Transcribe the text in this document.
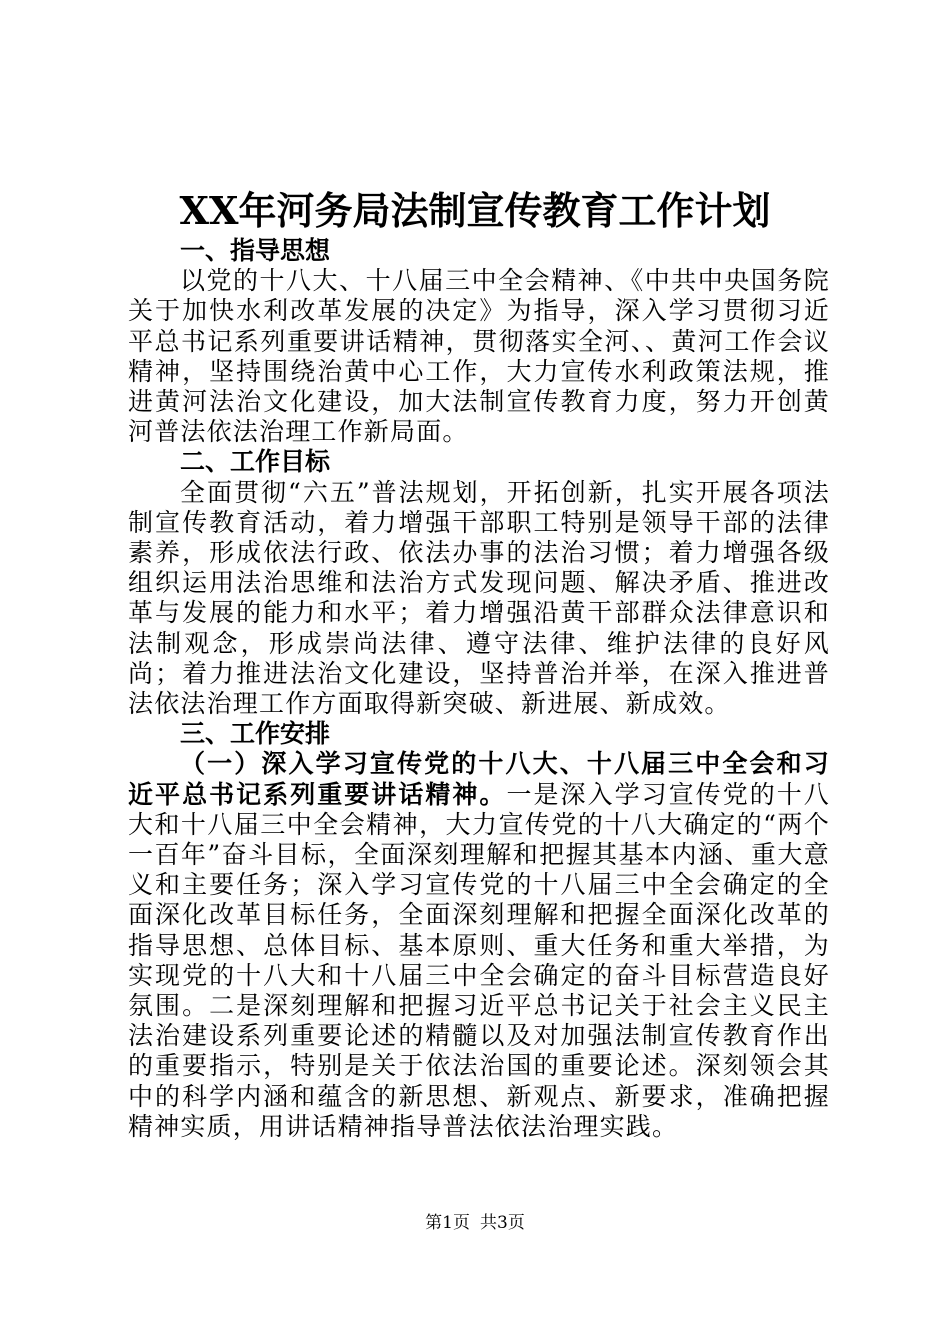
XX年河务局法制宣传教育工作计划
一、指导思想

以党的十八大、十八届三中全会精神、《中共中央国务院关于加快水利改革发展的决定》为指导，深入学习贯彻习近平总书记系列重要讲话精神，贯彻落实全河、、黄河工作会议精神，坚持围绕治黄中心工作，大力宣传水利政策法规，推进黄河法治文化建设，加大法制宣传教育力度，努力开创黄河普法依法治理工作新局面。

二、工作目标

全面贯彻“六五”普法规划，开拓创新，扎实开展各项法制宣传教育活动，着力增强干部职工特别是领导干部的法律素养，形成依法行政、依法办事的法治习惯；着力增强各级组织运用法治思维和法治方式发现问题、解决矛盾、推进改革与发展的能力和水平；着力增强沿黄干部群众法律意识和法制观念，形成崇尚法律、遵守法律、维护法律的良好风尚；着力推进法治文化建设，坚持普治并举，在深入推进普法依法治理工作方面取得新突破、新进展、新成效。

三、工作安排

（一）深入学习宣传党的十八大、十八届三中全会和习近平总书记系列重要讲话精神。一是深入学习宣传党的十八大和十八届三中全会精神，大力宣传党的十八大确定的“两个一百年”奋斗目标，全面深刻理解和把握其基本内涵、重大意义和主要任务；深入学习宣传党的十八届三中全会确定的全面深化改革目标任务，全面深刻理解和把握全面深化改革的指导思想、总体目标、基本原则、重大任务和重大举措，为实现党的十八大和十八届三中全会确定的奋斗目标营造良好氛围。二是深刻理解和把握习近平总书记关于社会主义民主法治建设系列重要论述的精髓以及对加强法制宣传教育作出的重要指示，特别是关于依法治国的重要论述。深刻领会其中的科学内涵和蕴含的新思想、新观点、新要求，准确把握精神实质，用讲话精神指导普法依法治理实践。

第1页 共3页
